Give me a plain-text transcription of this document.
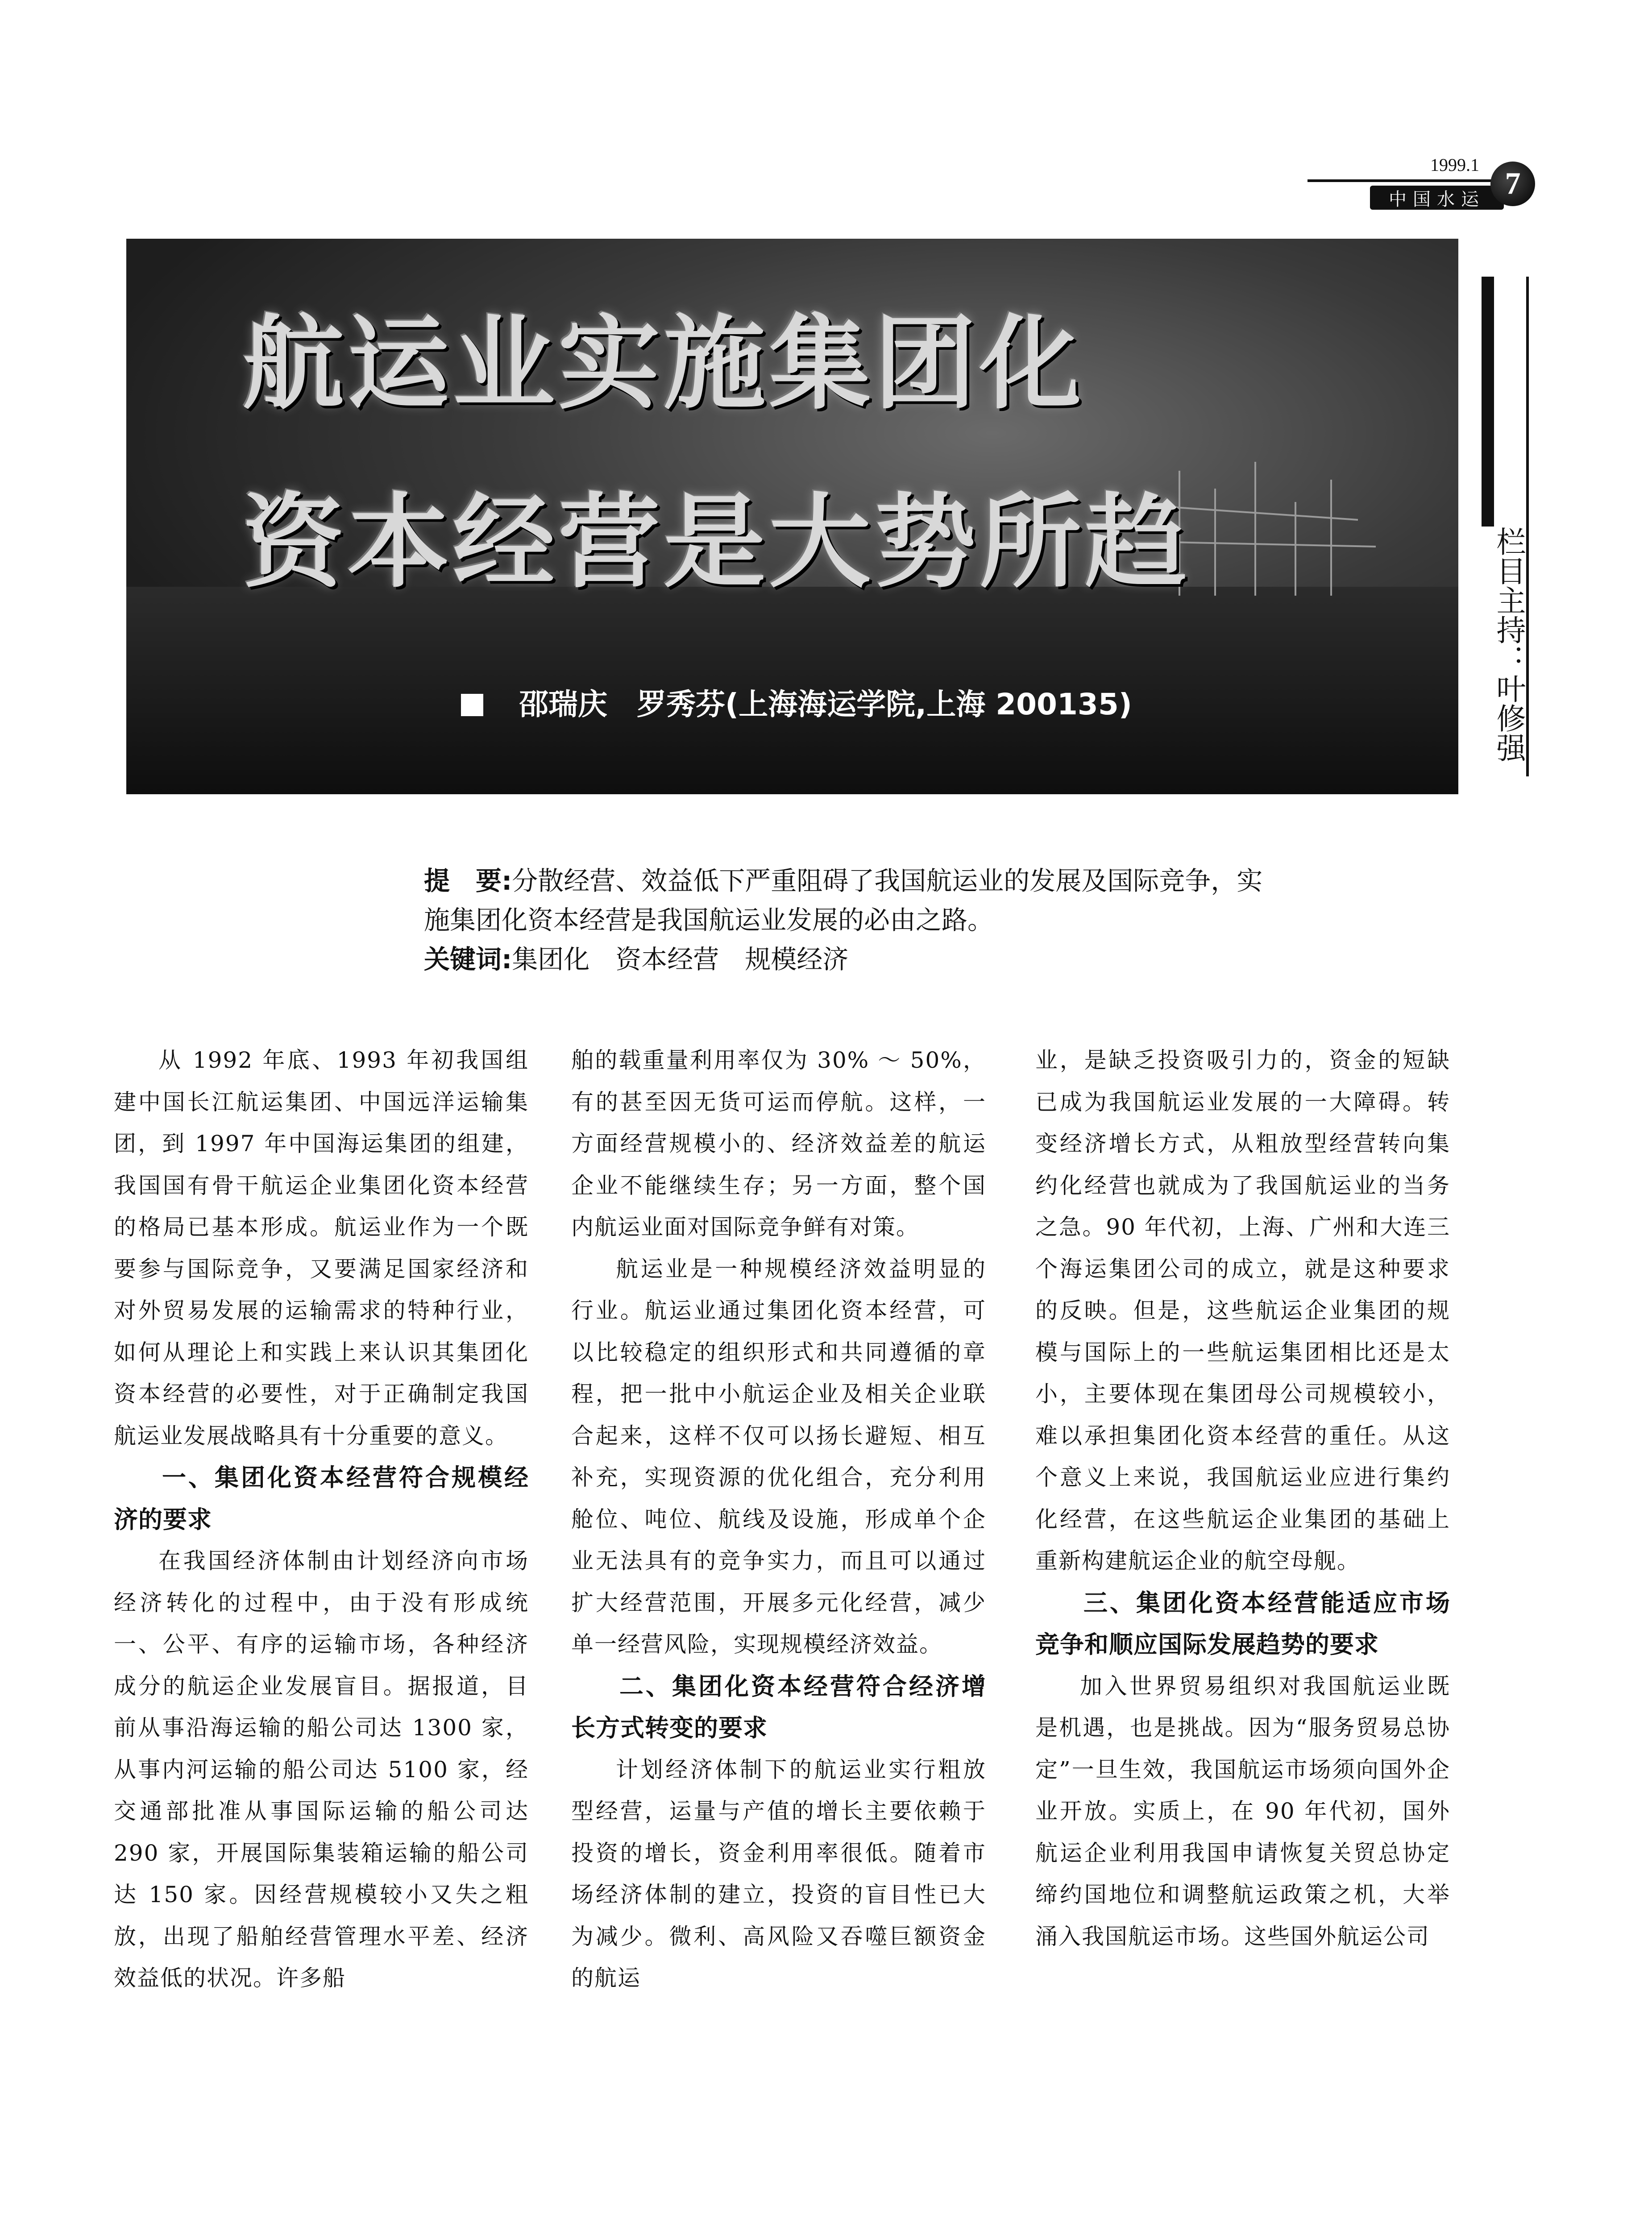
1999.1
中国水运 7
航运业实施集团化
资本经营是大势所趋
邵瑞庆　罗秀芬(上海海运学院,上海 200135)	栏目主持：叶修强

提　要:分散经营、效益低下严重阻碍了我国航运业的发展及国际竞争，实

施集团化资本经营是我国航运业发展的必由之路。

关键词:集团化　资本经营　规模经济

从 1992 年底、1993 年初我国组建中国长江航运集团、中国远洋运输集团，到 1997 年中国海运集团的组建，我国国有骨干航运企业集团化资本经营的格局已基本形成。航运业作为一个既要参与国际竞争，又要满足国家经济和对外贸易发展的运输需求的特种行业，如何从理论上和实践上来认识其集团化资本经营的必要性，对于正确制定我国航运业发展战略具有十分重要的意义。

一、集团化资本经营符合规模经济的要求

在我国经济体制由计划经济向市场经济转化的过程中，由于没有形成统一、公平、有序的运输市场，各种经济成分的航运企业发展盲目。据报道，目前从事沿海运输的船公司达 1300 家，从事内河运输的船公司达 5100 家，经交通部批准从事国际运输的船公司达 290 家，开展国际集装箱运输的船公司达 150 家。因经营规模较小又失之粗放，出现了船舶经营管理水平差、经济效益低的状况。许多船

舶的载重量利用率仅为 30% ～ 50%，有的甚至因无货可运而停航。这样，一方面经营规模小的、经济效益差的航运企业不能继续生存；另一方面，整个国内航运业面对国际竞争鲜有对策。

航运业是一种规模经济效益明显的行业。航运业通过集团化资本经营，可以比较稳定的组织形式和共同遵循的章程，把一批中小航运企业及相关企业联合起来，这样不仅可以扬长避短、相互补充，实现资源的优化组合，充分利用舱位、吨位、航线及设施，形成单个企业无法具有的竞争实力，而且可以通过扩大经营范围，开展多元化经营，减少单一经营风险，实现规模经济效益。

二、集团化资本经营符合经济增长方式转变的要求

计划经济体制下的航运业实行粗放型经营，运量与产值的增长主要依赖于投资的增长，资金利用率很低。随着市场经济体制的建立，投资的盲目性已大为减少。微利、高风险又吞噬巨额资金的航运

业，是缺乏投资吸引力的，资金的短缺已成为我国航运业发展的一大障碍。转变经济增长方式，从粗放型经营转向集约化经营也就成为了我国航运业的当务之急。90 年代初，上海、广州和大连三个海运集团公司的成立，就是这种要求的反映。但是，这些航运企业集团的规模与国际上的一些航运集团相比还是太小，主要体现在集团母公司规模较小，难以承担集团化资本经营的重任。从这个意义上来说，我国航运业应进行集约化经营，在这些航运企业集团的基础上重新构建航运企业的航空母舰。

三、集团化资本经营能适应市场竞争和顺应国际发展趋势的要求

加入世界贸易组织对我国航运业既是机遇，也是挑战。因为“服务贸易总协定”一旦生效，我国航运市场须向国外企业开放。实质上，在 90 年代初，国外航运企业利用我国申请恢复关贸总协定缔约国地位和调整航运政策之机，大举涌入我国航运市场。这些国外航运公司
